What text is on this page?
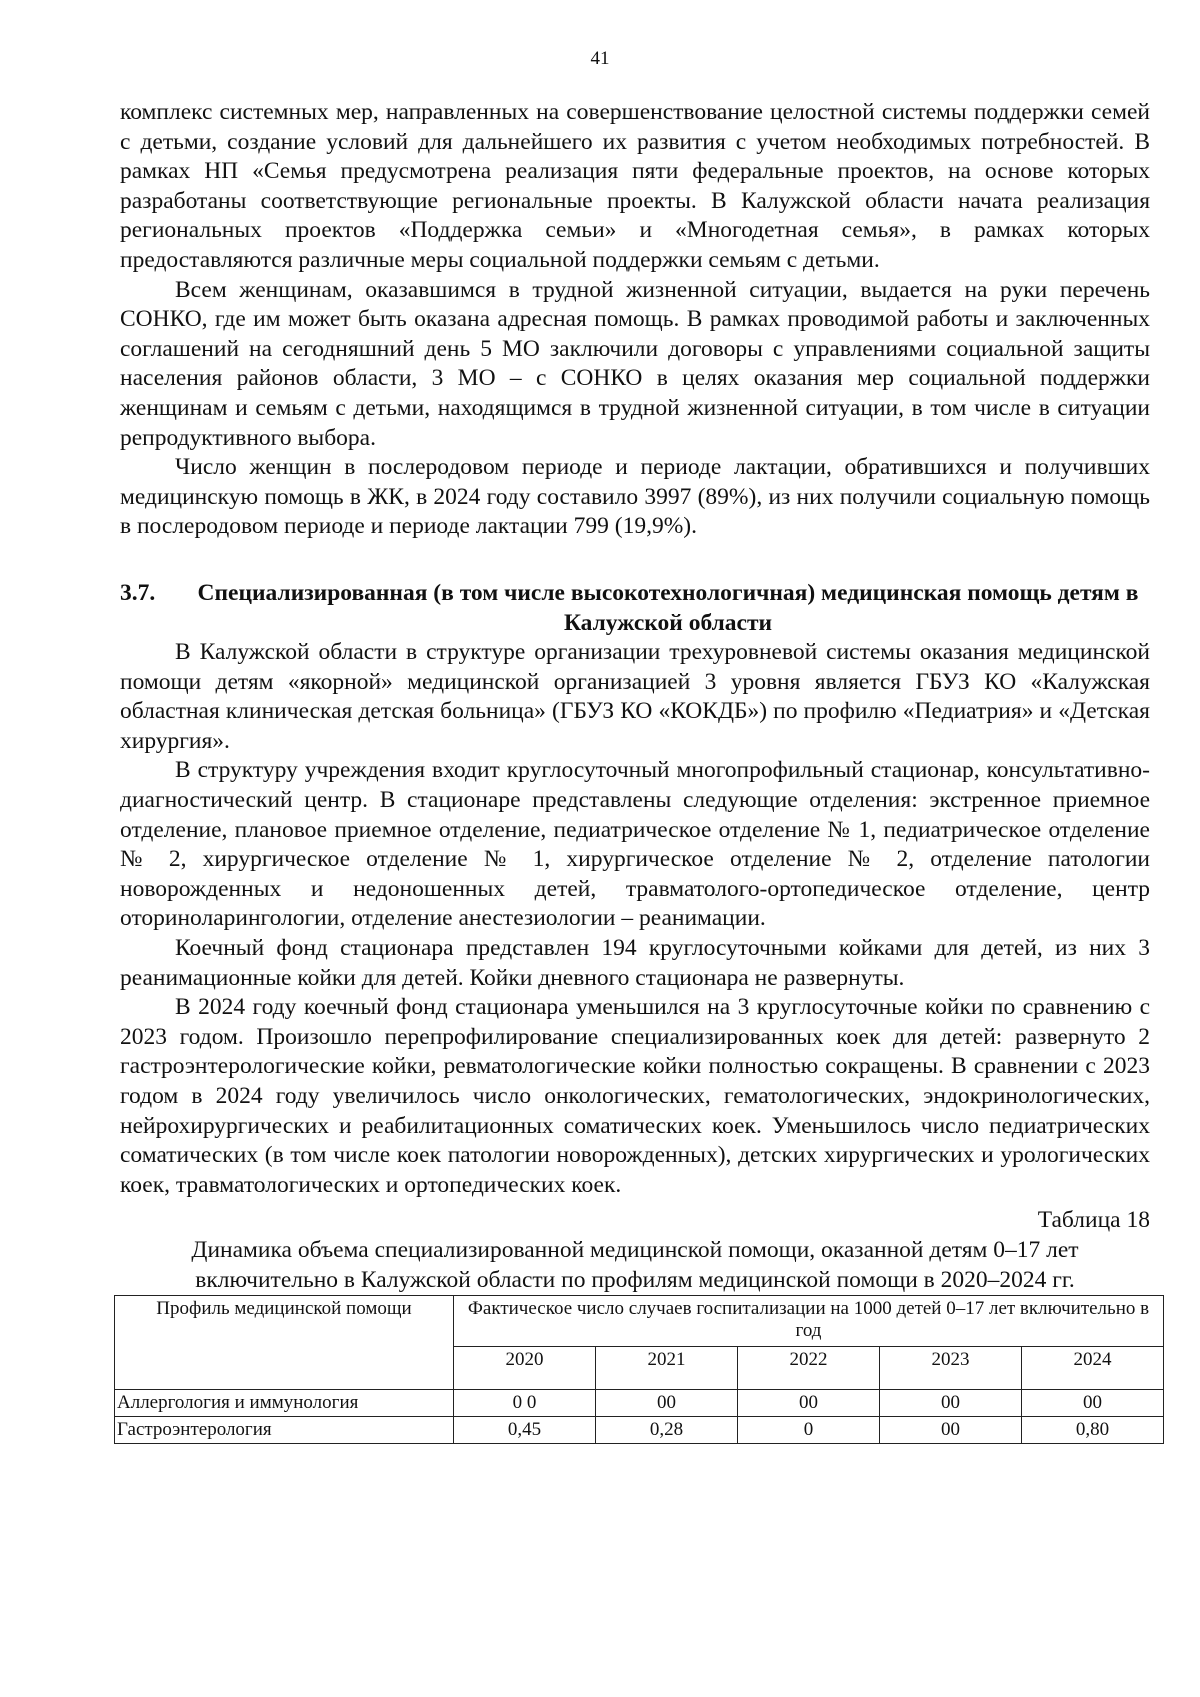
41

комплекс системных мер, направленных на совершенствование целостной системы поддержки семей с детьми, создание условий для дальнейшего их развития с учетом необходимых потребностей. В рамках НП «Семья предусмотрена реализация пяти федеральные проектов, на основе которых разработаны соответствующие региональные проекты. В Калужской области начата реализация региональных проектов «Поддержка семьи» и «Многодетная семья», в рамках которых предоставляются различные меры социальной поддержки семьям с детьми.

Всем женщинам, оказавшимся в трудной жизненной ситуации, выдается на руки перечень СОНКО, где им может быть оказана адресная помощь. В рамках проводимой работы и заключенных соглашений на сегодняшний день 5 МО заключили договоры с управлениями социальной защиты населения районов области, 3 МО – с СОНКО в целях оказания мер социальной поддержки женщинам и семьям с детьми, находящимся в трудной жизненной ситуации, в том числе в ситуации репродуктивного выбора.

Число женщин в послеродовом периоде и периоде лактации, обратившихся и получивших медицинскую помощь в ЖК, в 2024 году составило 3997 (89%), из них получили социальную помощь в послеродовом периоде и периоде лактации 799 (19,9%).

3.7.	Специализированная (в том числе высокотехнологичная) медицинская помощь детям в Калужской области

В Калужской области в структуре организации трехуровневой системы оказания медицинской помощи детям «якорной» медицинской организацией 3 уровня является ГБУЗ КО «Калужская областная клиническая детская больница» (ГБУЗ КО «КОКДБ») по профилю «Педиатрия» и «Детская хирургия».

В структуру учреждения входит круглосуточный многопрофильный стационар, консультативно-диагностический центр. В стационаре представлены следующие отделения: экстренное приемное отделение, плановое приемное отделение, педиатрическое отделение № 1, педиатрическое отделение № 2, хирургическое отделение № 1, хирургическое отделение № 2, отделение патологии новорожденных и недоношенных детей, травматолого-ортопедическое отделение, центр оториноларингологии, отделение анестезиологии – реанимации.

Коечный фонд стационара представлен 194 круглосуточными койками для детей, из них 3 реанимационные койки для детей. Койки дневного стационара не развернуты.

В 2024 году коечный фонд стационара уменьшился на 3 круглосуточные койки по сравнению с 2023 годом. Произошло перепрофилирование специализированных коек для детей: развернуто 2 гастроэнтерологические койки, ревматологические койки полностью сокращены. В сравнении с 2023 годом в 2024 году увеличилось число онкологических, гематологических, эндокринологических, нейрохирургических и реабилитационных соматических коек. Уменьшилось число педиатрических соматических (в том числе коек патологии новорожденных), детских хирургических и урологических коек, травматологических и ортопедических коек.

Таблица 18

Динамика объема специализированной медицинской помощи, оказанной детям 0–17 лет

включительно в Калужской области по профилям медицинской помощи в 2020–2024 гг.

Профиль медицинской помощи	Фактическое число случаев госпитализации на 1000 детей 0–17 лет включительно в год				
	2020	2021	2022	2023	2024
Аллергология и иммунология	0 0	00	00	00	00
Гастроэнтерология	0,45	0,28	0	00	0,80
